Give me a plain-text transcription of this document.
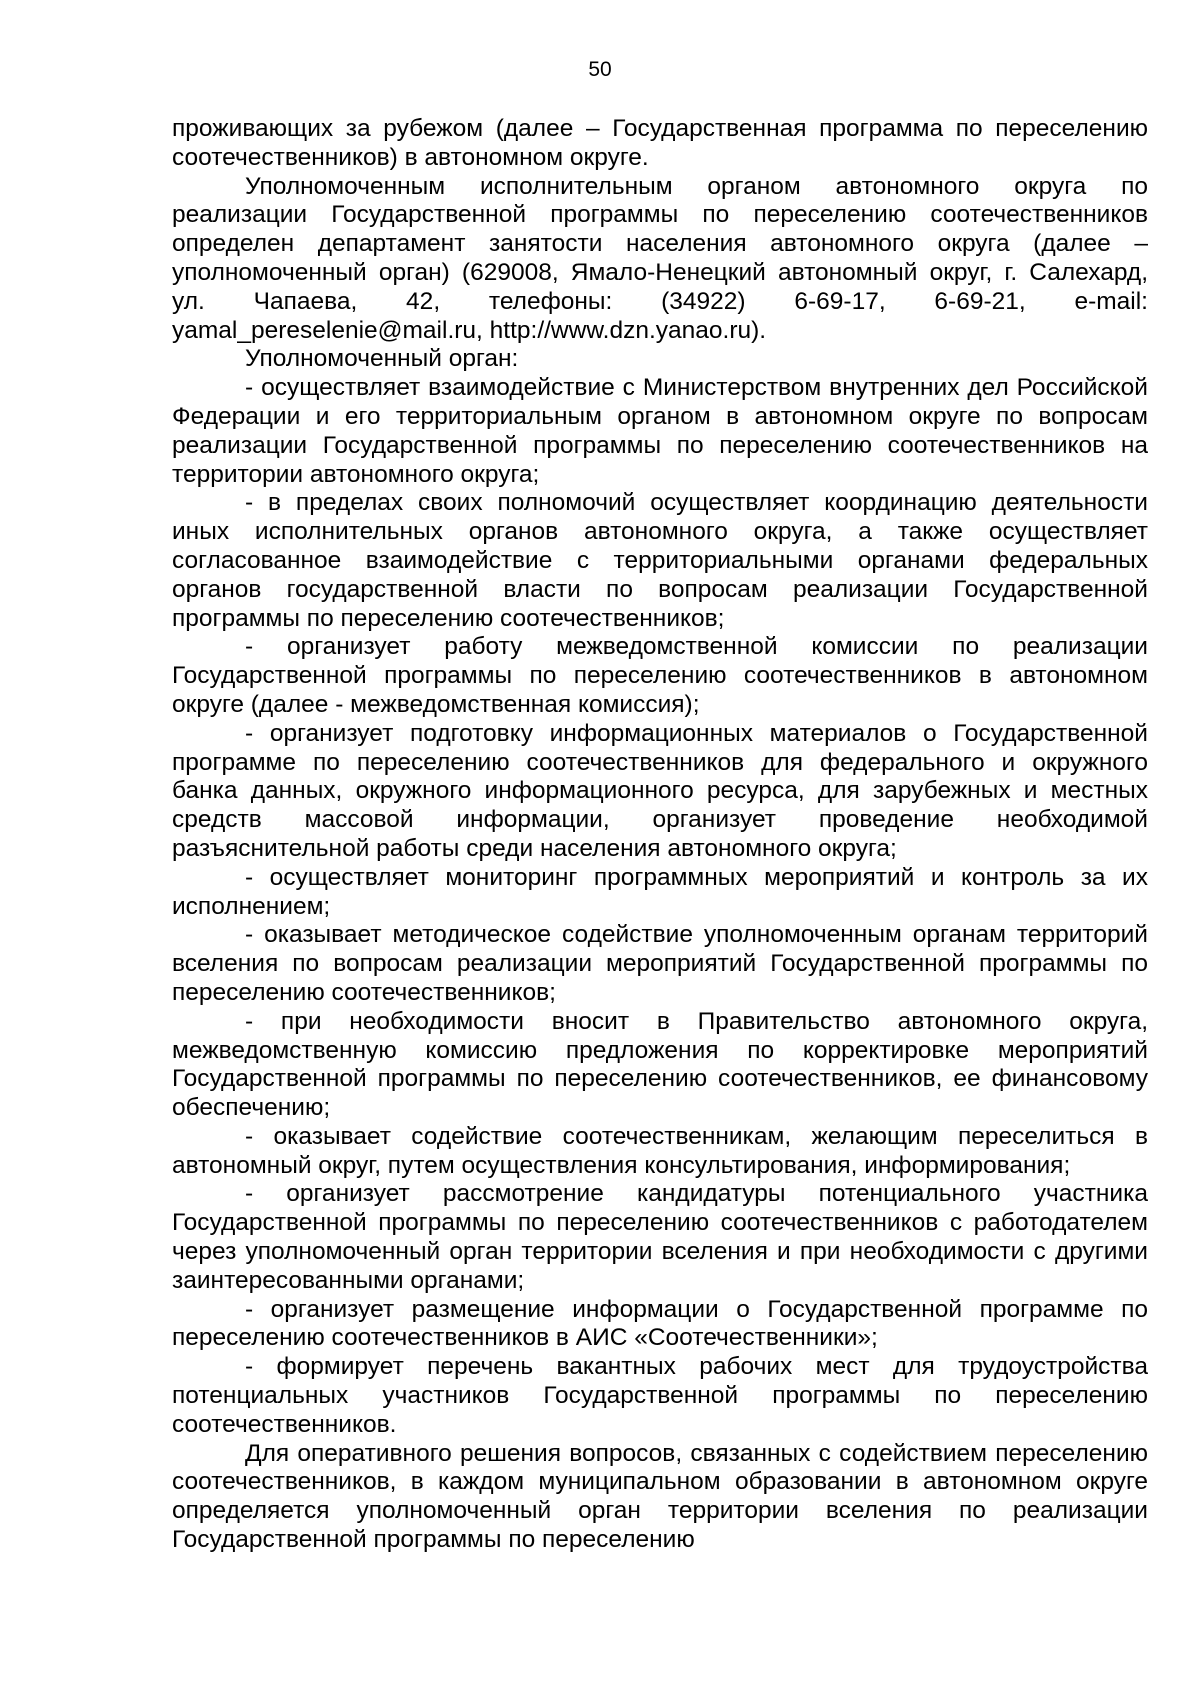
50

проживающих за рубежом (далее – Государственная программа по переселению соотечественников) в автономном округе.

Уполномоченным исполнительным органом автономного округа по реализации Государственной программы по переселению соотечественников определен департамент занятости населения автономного округа (далее – уполномоченный орган) (629008, Ямало-Ненецкий автономный округ, г. Салехард, ул. Чапаева, 42, телефоны: (34922) 6-69-17, 6-69-21, e-mail: yamal_pereselenie@mail.ru, http://www.dzn.yanao.ru).

Уполномоченный орган:

- осуществляет взаимодействие с Министерством внутренних дел Российской Федерации и его территориальным органом в автономном округе по вопросам реализации Государственной программы по переселению соотечественников на территории автономного округа;

- в пределах своих полномочий осуществляет координацию деятельности иных исполнительных органов автономного округа, а также осуществляет согласованное взаимодействие с территориальными органами федеральных органов государственной власти по вопросам реализации Государственной программы по переселению соотечественников;

- организует работу межведомственной комиссии по реализации Государственной программы по переселению соотечественников в автономном округе (далее - межведомственная комиссия);

- организует подготовку информационных материалов о Государственной программе по переселению соотечественников для федерального и окружного банка данных, окружного информационного ресурса, для зарубежных и местных средств массовой информации, организует проведение необходимой разъяснительной работы среди населения автономного округа;

- осуществляет мониторинг программных мероприятий и контроль за их исполнением;

- оказывает методическое содействие уполномоченным органам территорий вселения по вопросам реализации мероприятий Государственной программы по переселению соотечественников;

- при необходимости вносит в Правительство автономного округа, межведомственную комиссию предложения по корректировке мероприятий Государственной программы по переселению соотечественников, ее финансовому обеспечению;

- оказывает содействие соотечественникам, желающим переселиться в автономный округ, путем осуществления консультирования, информирования;

- организует рассмотрение кандидатуры потенциального участника Государственной программы по переселению соотечественников с работодателем через уполномоченный орган территории вселения и при необходимости с другими заинтересованными органами;

- организует размещение информации о Государственной программе по переселению соотечественников в АИС «Соотечественники»;

- формирует перечень вакантных рабочих мест для трудоустройства потенциальных участников Государственной программы по переселению соотечественников.

Для оперативного решения вопросов, связанных с содействием переселению соотечественников, в каждом муниципальном образовании в автономном округе определяется уполномоченный орган территории вселения по реализации Государственной программы по переселению
